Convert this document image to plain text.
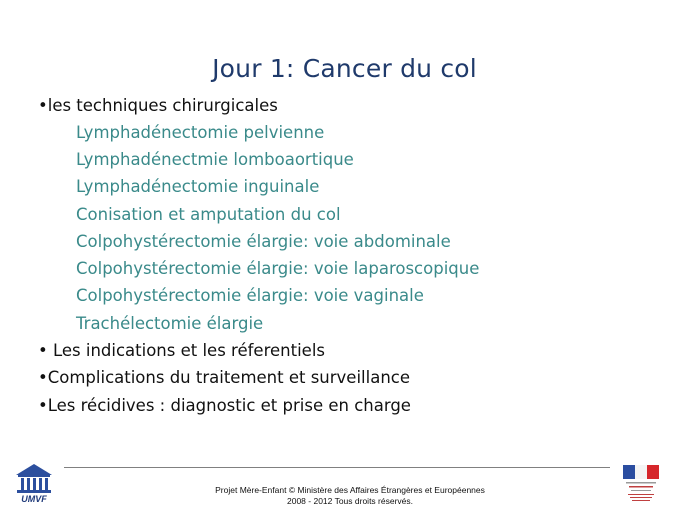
Jour 1: Cancer du col
•les techniques chirurgicales
Lymphadénectomie pelvienne
Lymphadénectmie lomboaortique
Lymphadénectomie inguinale
Conisation et amputation du col
Colpohystérectomie élargie: voie abdominale
Colpohystérectomie élargie: voie laparoscopique
Colpohystérectomie élargie: voie vaginale
Trachélectomie élargie
• Les indications et les réferentiels
•Complications du traitement et surveillance
•Les récidives : diagnostic et prise en charge
UMVF
Projet Mère-Enfant © Ministère des Affaires Étrangères et Européennes
2008 - 2012 Tous droits réservés.
